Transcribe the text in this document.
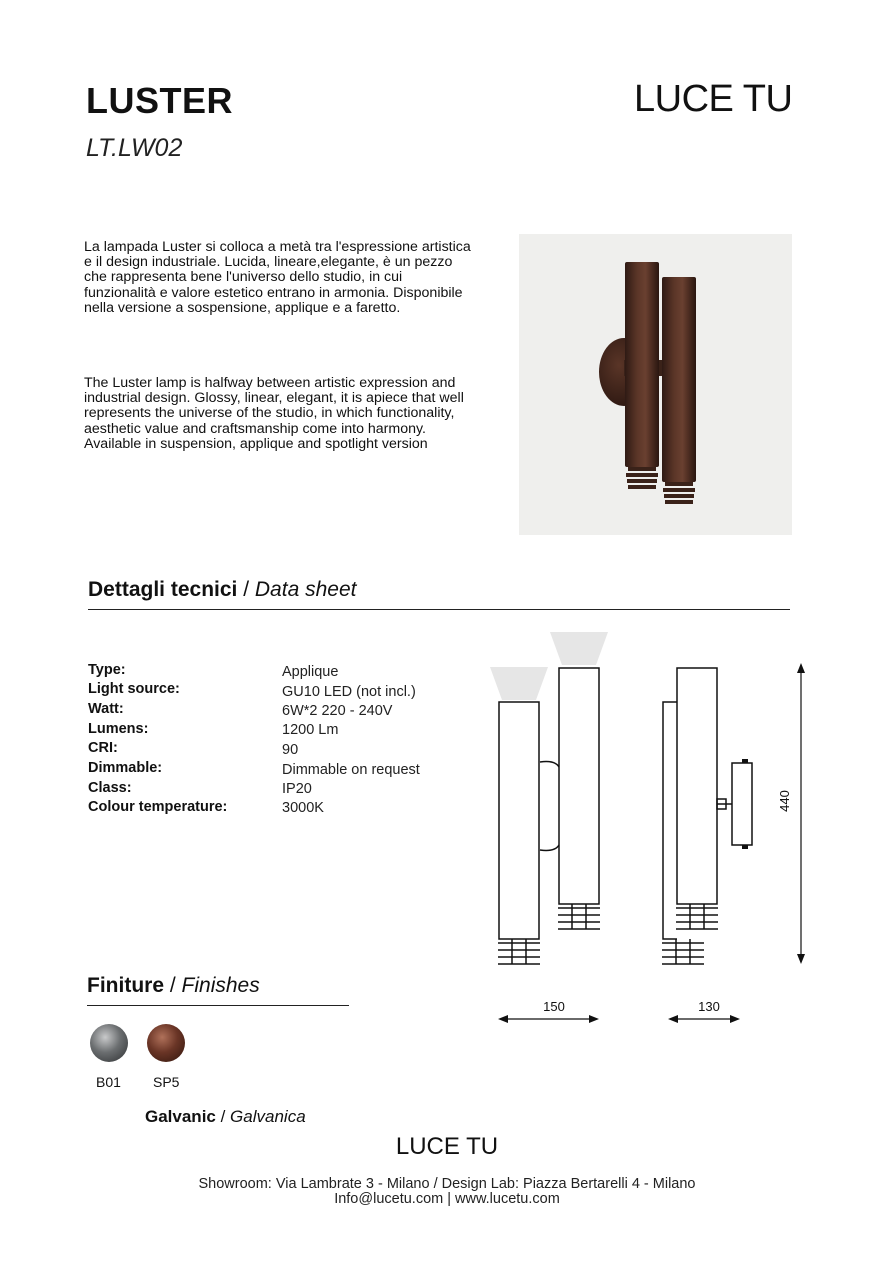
LUSTER
LT.LW02
LUCE TU
La lampada Luster si colloca a metà tra l'espressione artistica e il design industriale. Lucida, lineare,elegante, è un pezzo che rappresenta bene l'universo dello studio, in cui funzionalità e valore estetico entrano in armonia. Disponibile nella versione a sospensione, applique e a faretto.
The Luster lamp is halfway between artistic expression and industrial design. Glossy, linear, elegant, it is apiece that well represents the universe of the studio, in which functionality, aesthetic value and craftsmanship come into harmony. Available in suspension, applique and spotlight version
Dettagli tecnici / Data sheet
Type:	Applique
Light source:	GU10 LED (not incl.)
Watt:	6W*2 220 - 240V
Lumens:	1200 Lm
CRI:	90
Dimmable:	Dimmable on request
Class:	IP20
Colour temperature:	3000K	440
150	130
Finiture / Finishes
B01 SP5
Galvanic / Galvanica
LUCE TU
Showroom: Via Lambrate 3 - Milano / Design Lab: Piazza Bertarelli 4 - Milano
Info@lucetu.com | www.lucetu.com
